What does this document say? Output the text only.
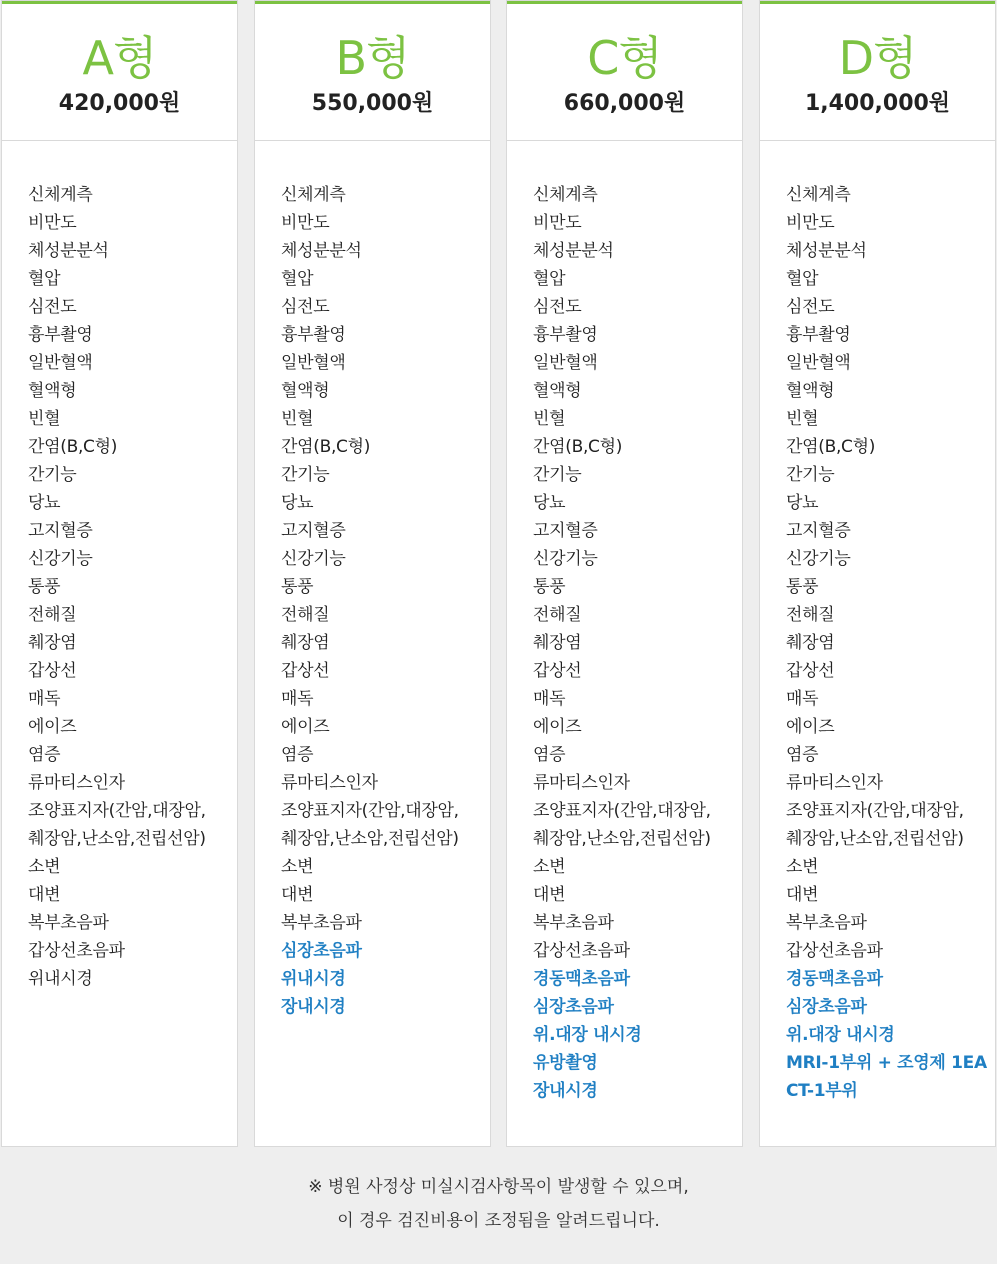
A형
420,000원
신체계측
비만도
체성분분석
혈압
심전도
흉부촬영
일반혈액
혈액형
빈혈
간염(B,C형)
간기능
당뇨
고지혈증
신강기능
통풍
전해질
췌장염
갑상선
매독
에이즈
염증
류마티스인자
조양표지자(간암,대장암,
췌장암,난소암,전립선암)
소변
대변
복부초음파
갑상선초음파
위내시경
B형
550,000원
신체계측
비만도
체성분분석
혈압
심전도
흉부촬영
일반혈액
혈액형
빈혈
간염(B,C형)
간기능
당뇨
고지혈증
신강기능
통풍
전해질
췌장염
갑상선
매독
에이즈
염증
류마티스인자
조양표지자(간암,대장암,
췌장암,난소암,전립선암)
소변
대변
복부초음파
심장초음파
위내시경
장내시경
C형
660,000원
신체계측
비만도
체성분분석
혈압
심전도
흉부촬영
일반혈액
혈액형
빈혈
간염(B,C형)
간기능
당뇨
고지혈증
신강기능
통풍
전해질
췌장염
갑상선
매독
에이즈
염증
류마티스인자
조양표지자(간암,대장암,
췌장암,난소암,전립선암)
소변
대변
복부초음파
갑상선초음파
경동맥초음파
심장초음파
위.대장 내시경
유방촬영
장내시경
D형
1,400,000원
신체계측
비만도
체성분분석
혈압
심전도
흉부촬영
일반혈액
혈액형
빈혈
간염(B,C형)
간기능
당뇨
고지혈증
신강기능
통풍
전해질
췌장염
갑상선
매독
에이즈
염증
류마티스인자
조양표지자(간암,대장암,
췌장암,난소암,전립선암)
소변
대변
복부초음파
갑상선초음파
경동맥초음파
심장초음파
위.대장 내시경
MRI-1부위 + 조영제 1EA
CT-1부위
※ 병원 사정상 미실시검사항목이 발생할 수 있으며,
이 경우 검진비용이 조정됨을 알려드립니다.
